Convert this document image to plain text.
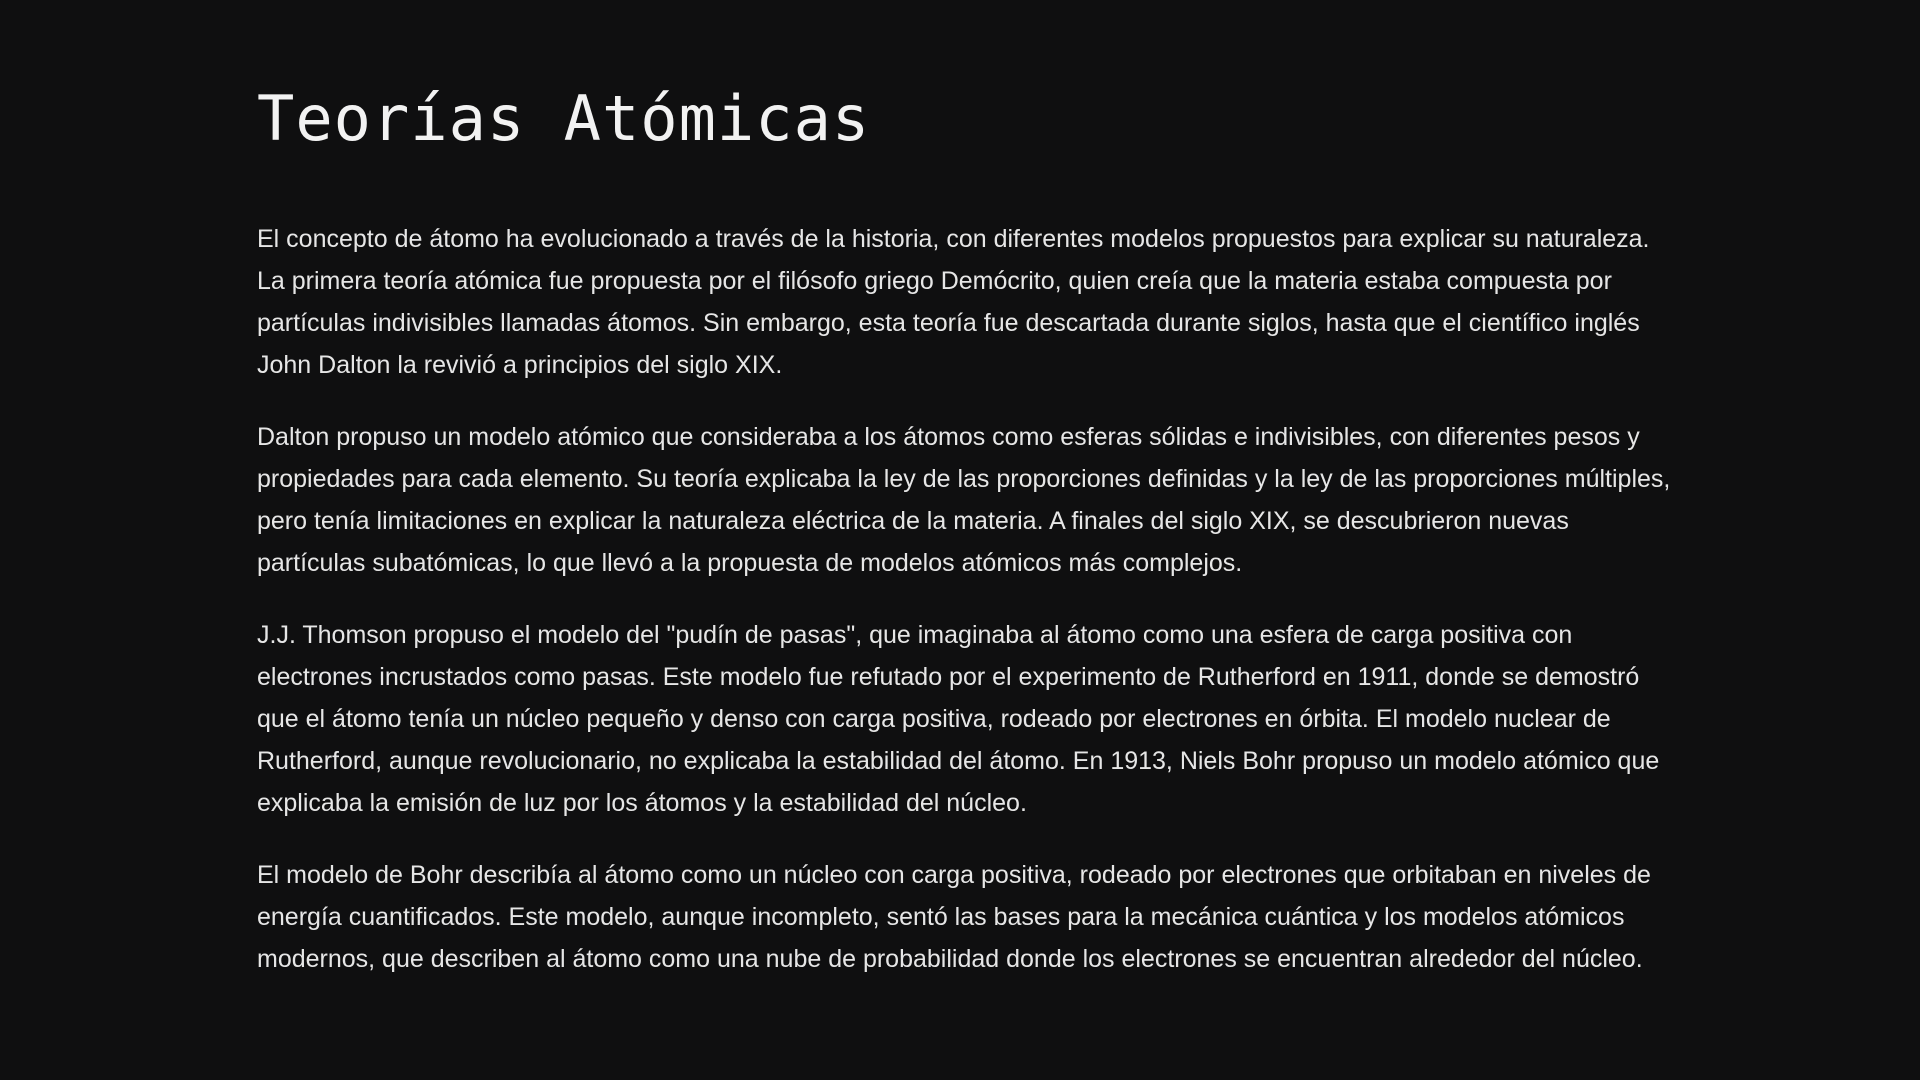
Teorías Atómicas

El concepto de átomo ha evolucionado a través de la historia, con diferentes modelos propuestos para explicar su naturaleza. La primera teoría atómica fue propuesta por el filósofo griego Demócrito, quien creía que la materia estaba compuesta por partículas indivisibles llamadas átomos. Sin embargo, esta teoría fue descartada durante siglos, hasta que el científico inglés John Dalton la revivió a principios del siglo XIX.

Dalton propuso un modelo atómico que consideraba a los átomos como esferas sólidas e indivisibles, con diferentes pesos y propiedades para cada elemento. Su teoría explicaba la ley de las proporciones definidas y la ley de las proporciones múltiples, pero tenía limitaciones en explicar la naturaleza eléctrica de la materia. A finales del siglo XIX, se descubrieron nuevas partículas subatómicas, lo que llevó a la propuesta de modelos atómicos más complejos.

J.J. Thomson propuso el modelo del "pudín de pasas", que imaginaba al átomo como una esfera de carga positiva con electrones incrustados como pasas. Este modelo fue refutado por el experimento de Rutherford en 1911, donde se demostró que el átomo tenía un núcleo pequeño y denso con carga positiva, rodeado por electrones en órbita. El modelo nuclear de Rutherford, aunque revolucionario, no explicaba la estabilidad del átomo. En 1913, Niels Bohr propuso un modelo atómico que explicaba la emisión de luz por los átomos y la estabilidad del núcleo.

El modelo de Bohr describía al átomo como un núcleo con carga positiva, rodeado por electrones que orbitaban en niveles de energía cuantificados. Este modelo, aunque incompleto, sentó las bases para la mecánica cuántica y los modelos atómicos modernos, que describen al átomo como una nube de probabilidad donde los electrones se encuentran alrededor del núcleo.
